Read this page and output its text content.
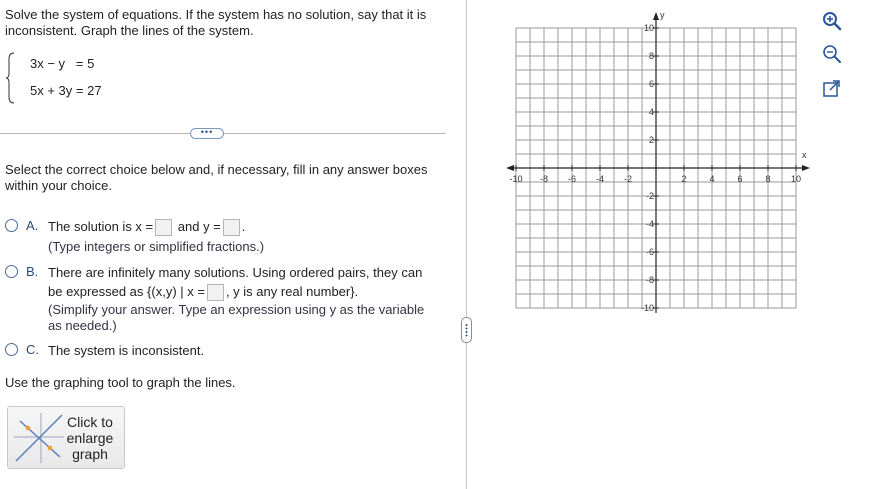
Solve the system of equations. If the system has no solution, say that it is inconsistent. Graph the lines of the system.
3x − y   = 5
5x + 3y = 27
•••
Select the correct choice below and, if necessary, fill in any answer boxes within your choice.
A. The solution is x = and y = .
(Type integers or simplified fractions.)
B. There are infinitely many solutions. Using ordered pairs, they can
be expressed as {(x,y) | x = , y is any real number}.
(Simplify your answer. Type an expression using y as the variable as needed.)
C. The system is inconsistent.
Use the graphing tool to graph the lines.
Click to
enlarge
graph
x
y
-10 -8 -6 -4 -2	2	4	6	8 10
10
8
6
4
2
-2
-4
-6
-8
-10
